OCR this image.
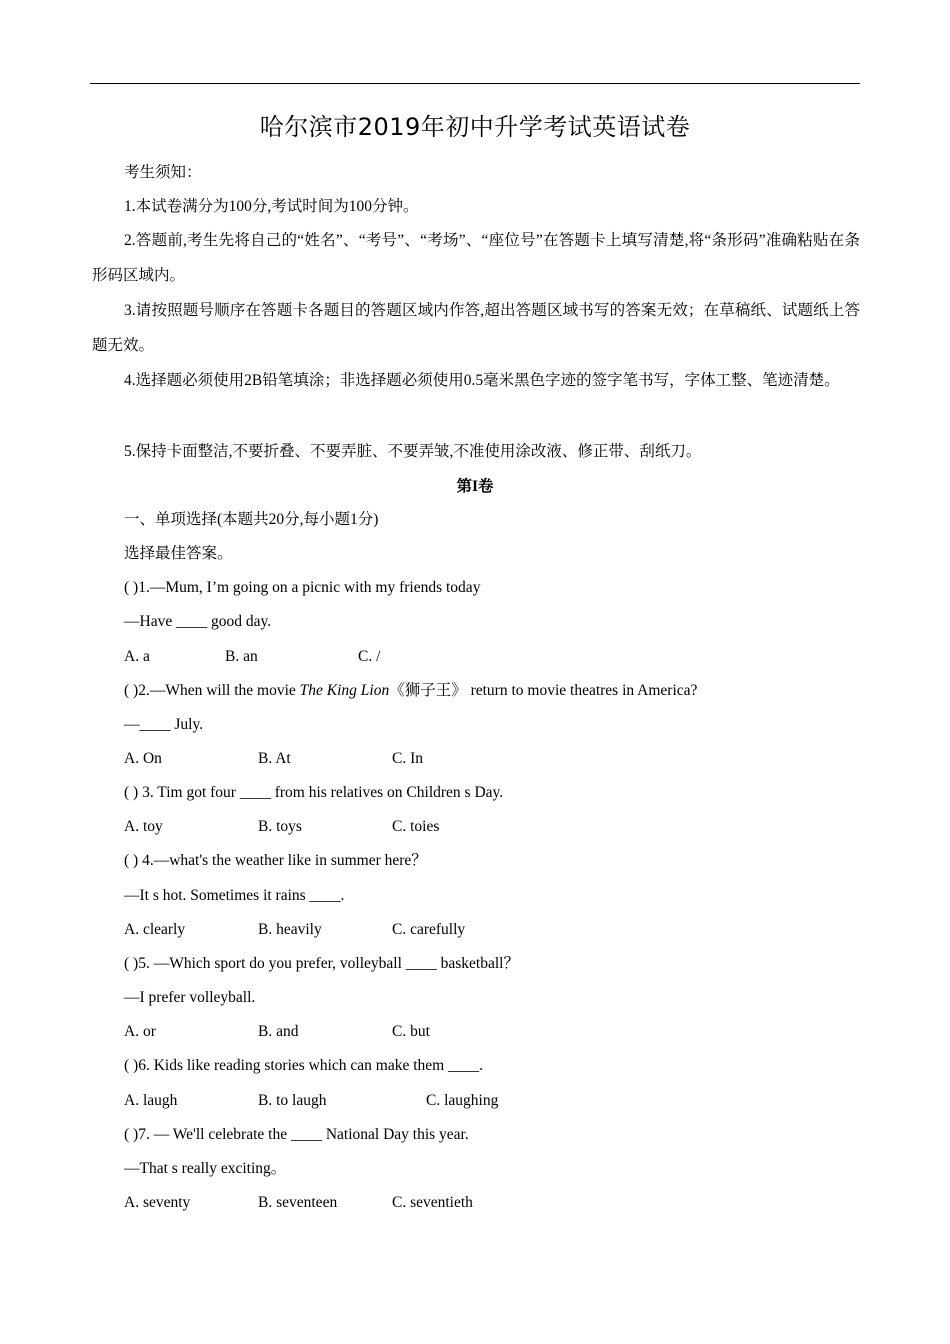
哈尔滨市2019年初中升学考试英语试卷
考生须知：
1.本试卷满分为100分,考试时间为100分钟。
2.答题前,考生先将自己的“姓名”、“考号”、“考场”、“座位号”在答题卡上填写清楚,将“条形码”准确粘贴在条形码区域内。
3.请按照题号顺序在答题卡各题目的答题区域内作答,超出答题区域书写的答案无效；在草稿纸、试题纸上答题无效。
4.选择题必须使用2B铅笔填涂；非选择题必须使用0.5毫米黑色字迹的签字笔书写，字体工整、笔迹清楚。
5.保持卡面整洁,不要折叠、不要弄脏、不要弄皱,不准使用涂改液、修正带、刮纸刀。
第I卷
一、单项选择(本题共20分,每小题1分)
选择最佳答案。
( )1.—Mum, I’m going on a picnic with my friends today
—Have ____ good day.
A. a	B. an	C. /
( )2.—When will the movie The King Lion《狮子王》 return to movie theatres in America?
—____ July.
A. On	B. At	C. In
( ) 3. Tim got four ____ from his relatives on Children s Day.
A. toy	B. toys	C. toies
( ) 4.—what's the weather like in summer here？
—It s hot. Sometimes it rains ____.
A. clearly	B. heavily	C. carefully
( )5. —Which sport do you prefer, volleyball ____ basketball？
—I prefer volleyball.
A. or	B. and	C. but
( )6. Kids like reading stories which can make them ____.
A. laugh	B. to laugh	C. laughing
( )7. — We'll celebrate the ____ National Day this year.
—That s really exciting。
A. seventy	B. seventeen	C. seventieth
